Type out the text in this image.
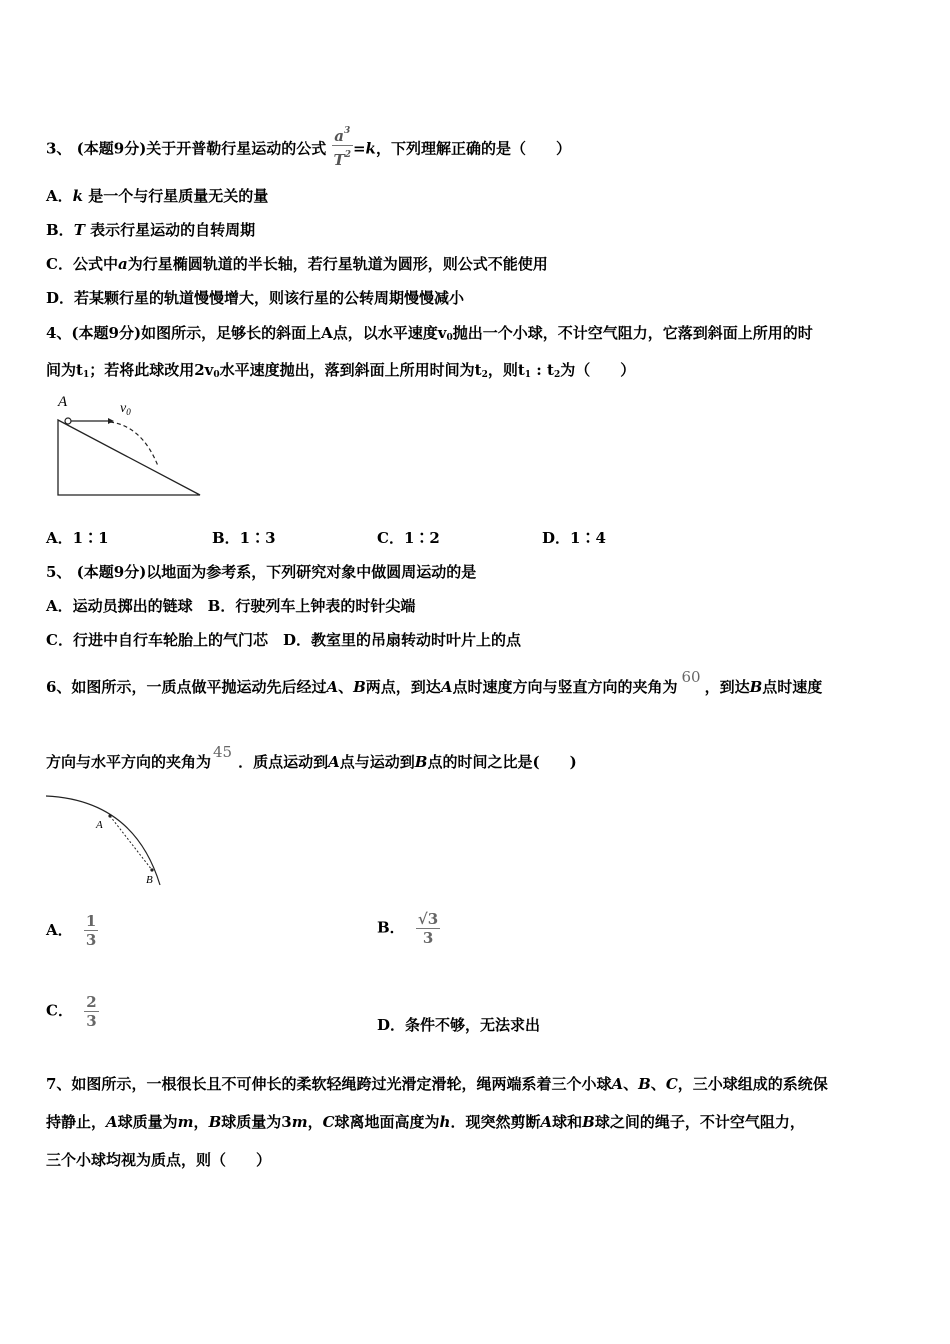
3、 (本题9分)关于开普勒行星运动的公式 $\frac{a^3}{T^2} =k$，下列理解正确的是（　　）
A．k 是一个与行星质量无关的量
B．T 表示行星运动的自转周期
C．公式中a为行星椭圆轨道的半长轴，若行星轨道为圆形，则公式不能使用
D．若某颗行星的轨道慢慢增大，则该行星的公转周期慢慢减小
4、(本题9分)如图所示，足够长的斜面上A点，以水平速度$v_0$抛出一个小球，不计空气阻力，它落到斜面上所用的时
间为$t_1$；若将此球改用$2v_0$水平速度抛出，落到斜面上所用时间为$t_2$，则$t_1$ : $t_2$为（　　）
A	$v_0$
A．1∶1	B．1∶3	C．1∶2	D．1∶4
5、 (本题9分)以地面为参考系，下列研究对象中做圆周运动的是
A．运动员掷出的链球　B．行驶列车上钟表的时针尖端
C．行进中自行车轮胎上的气门芯　D．教室里的吊扇转动时叶片上的点
6、如图所示，一质点做平抛运动先后经过A、B两点，到达A点时速度方向与竖直方向的夹角为60，到达B点时速度
方向与水平方向的夹角为45．质点运动到A点与运动到B点的时间之比是(　　)
A
B
A． $\frac{1}{3}$	B． $\frac{√3}{3}$
C． $\frac{2}{3}$	D．条件不够，无法求出
7、如图所示，一根很长且不可伸长的柔软轻绳跨过光滑定滑轮，绳两端系着三个小球A、B、C，三小球组成的系统保
持静止，A球质量为m，B球质量为3m，C球离地面高度为h．现突然剪断A球和B球之间的绳子，不计空气阻力，
三个小球均视为质点，则（　　）
